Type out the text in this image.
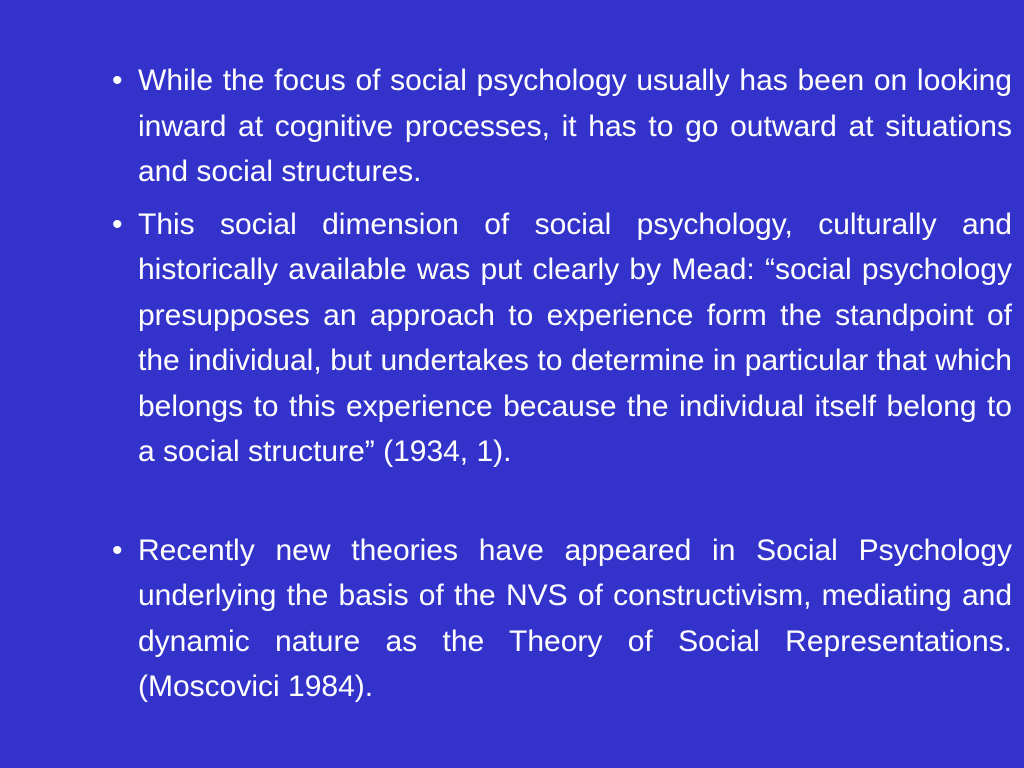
• While the focus of social psychology usually has been on looking inward at cognitive processes, it has to go outward at situations and social structures.
• This social dimension of social psychology, culturally and historically available was put clearly by Mead: “social psychology presupposes an approach to experience form the standpoint of the individual, but undertakes to determine in particular that which belongs to this experience because the individual itself belong to a social structure” (1934, 1).
• Recently new theories have appeared in Social Psychology underlying the basis of the NVS of constructivism, mediating and dynamic nature as the Theory of Social Representations. (Moscovici 1984).
